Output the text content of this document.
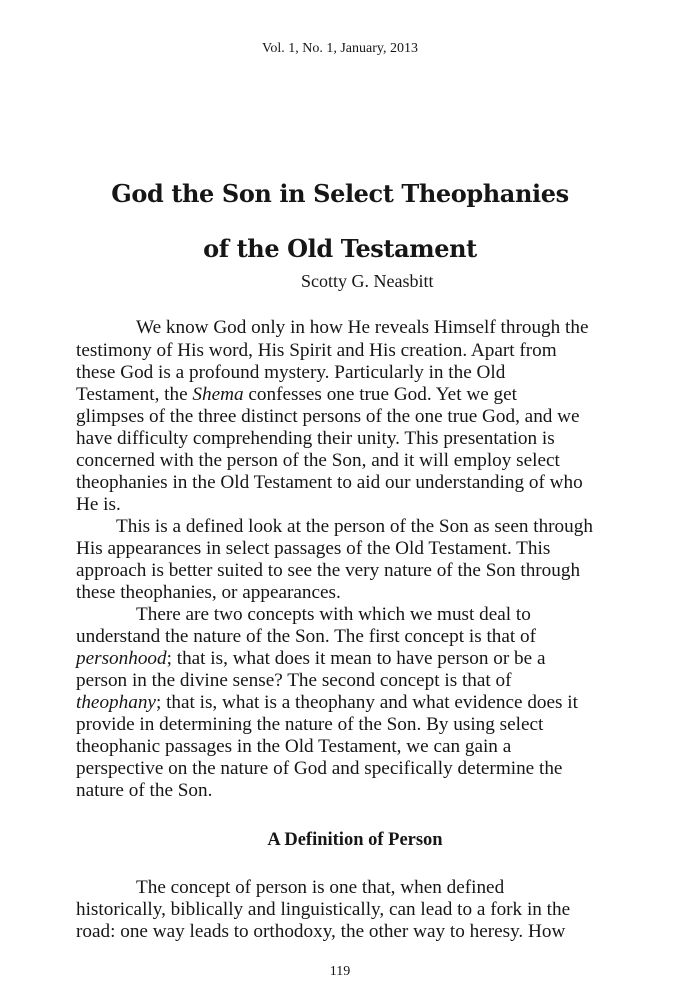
Vol. 1, No. 1, January, 2013
God the Son in Select Theophanies
of the Old Testament
Scotty G. Neasbitt
We know God only in how He reveals Himself through the
testimony of His word, His Spirit and His creation. Apart from
these God is a profound mystery. Particularly in the Old
Testament, the Shema confesses one true God. Yet we get
glimpses of the three distinct persons of the one true God, and we
have difficulty comprehending their unity. This presentation is
concerned with the person of the Son, and it will employ select
theophanies in the Old Testament to aid our understanding of who
He is.
This is a defined look at the person of the Son as seen through
His appearances in select passages of the Old Testament. This
approach is better suited to see the very nature of the Son through
these theophanies, or appearances.
There are two concepts with which we must deal to
understand the nature of the Son. The first concept is that of
personhood; that is, what does it mean to have person or be a
person in the divine sense? The second concept is that of
theophany; that is, what is a theophany and what evidence does it
provide in determining the nature of the Son. By using select
theophanic passages in the Old Testament, we can gain a
perspective on the nature of God and specifically determine the
nature of the Son.
A Definition of Person
The concept of person is one that, when defined
historically, biblically and linguistically, can lead to a fork in the
road: one way leads to orthodoxy, the other way to heresy. How
119
